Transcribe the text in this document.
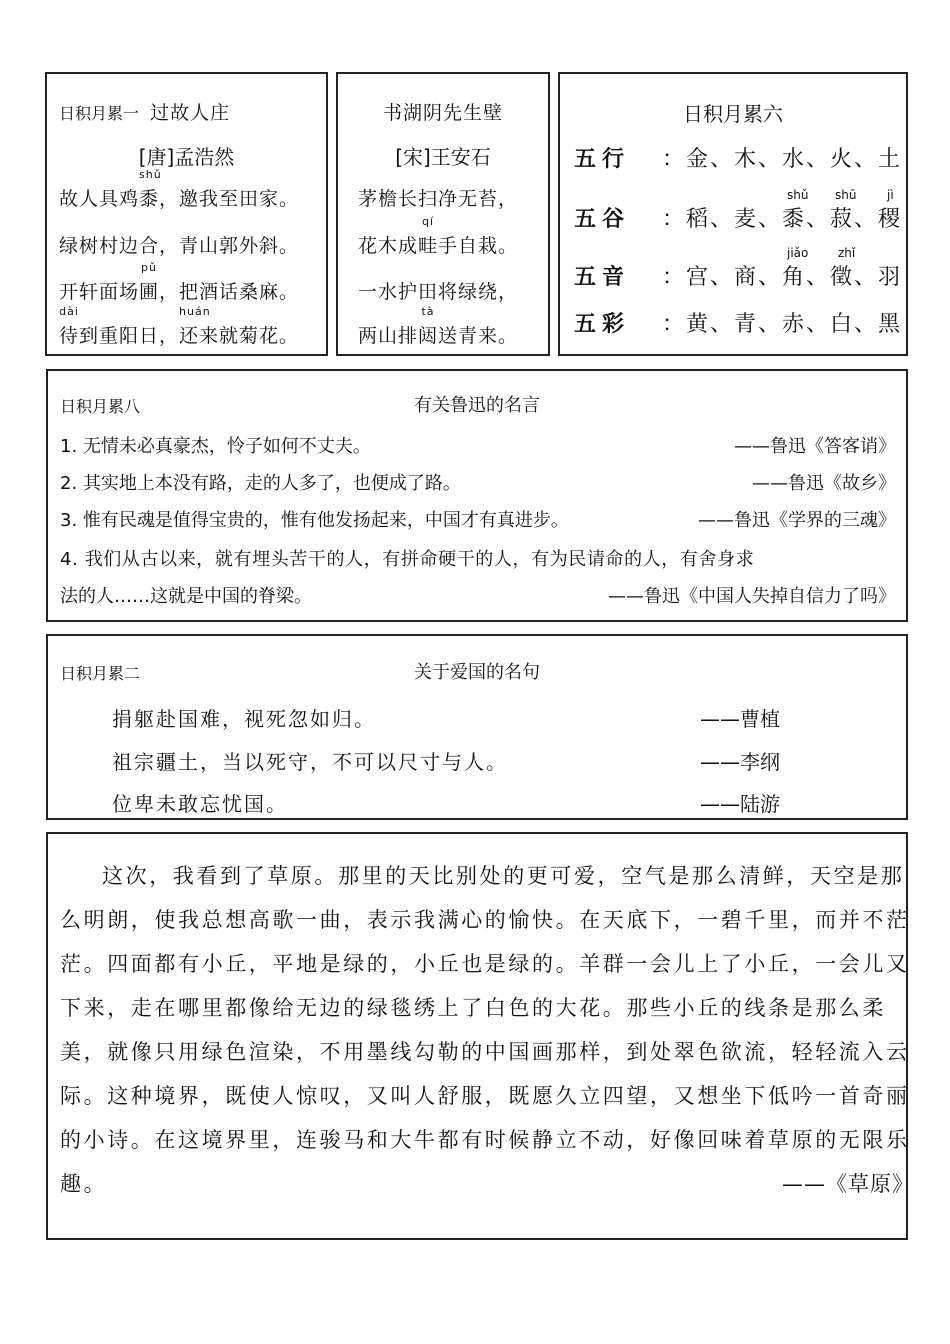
日积月累一 过故人庄
[唐]孟浩然
故人具鸡
shǔ
黍，邀我至田家。
绿树村边合，青山郭外斜。
开轩面场
pǔ
圃，把酒话桑麻。
dài
待到重阳日，
huán
还来就菊花。
书湖阴先生壁
[宋]王安石
茅檐长扫净无苔，
花木成
qí
畦手自栽。
一水护田将绿绕，
两山排
tà
闼送青来。
日积月累六
五行 ：金、木、水、火、土
五谷 ：稻、麦、黍、菽、稷
shǔ shū	jì
五音 ：宫、商、角、徵、羽
jiǎo zhǐ
五彩 ：黄、青、赤、白、黑
日积月累八	有关鲁迅的名言
1. 无情未必真豪杰，怜子如何不丈夫。	——鲁迅《答客诮》
2. 其实地上本没有路，走的人多了，也便成了路。	——鲁迅《故乡》
3. 惟有民魂是值得宝贵的，惟有他发扬起来，中国才有真进步。	——鲁迅《学界的三魂》
4. 我们从古以来，就有埋头苦干的人，有拼命硬干的人，有为民请命的人，有舍身求
法的人……这就是中国的脊梁。	——鲁迅《中国人失掉自信力了吗》
日积月累二	关于爱国的名句
捐躯赴国难，视死忽如归。	——曹植
祖宗疆土，当以死守，不可以尺寸与人。	——李纲
位卑未敢忘忧国。	——陆游

这次，我看到了草原。那里的天比别处的更可爱，空气是那么清鲜，天空是那么明朗，使我总想高歌一曲，表示我满心的愉快。在天底下，一碧千里，而并不茫茫。四面都有小丘，平地是绿的，小丘也是绿的。羊群一会儿上了小丘，一会儿又下来，走在哪里都像给无边的绿毯绣上了白色的大花。那些小丘的线条是那么柔美，就像只用绿色渲染，不用墨线勾勒的中国画那样，到处翠色欲流，轻轻流入云际。这种境界，既使人惊叹，又叫人舒服，既愿久立四望，又想坐下低吟一首奇丽的小诗。在这境界里，连骏马和大牛都有时候静立不动，好像回味着草原的无限乐趣。	——《草原》
